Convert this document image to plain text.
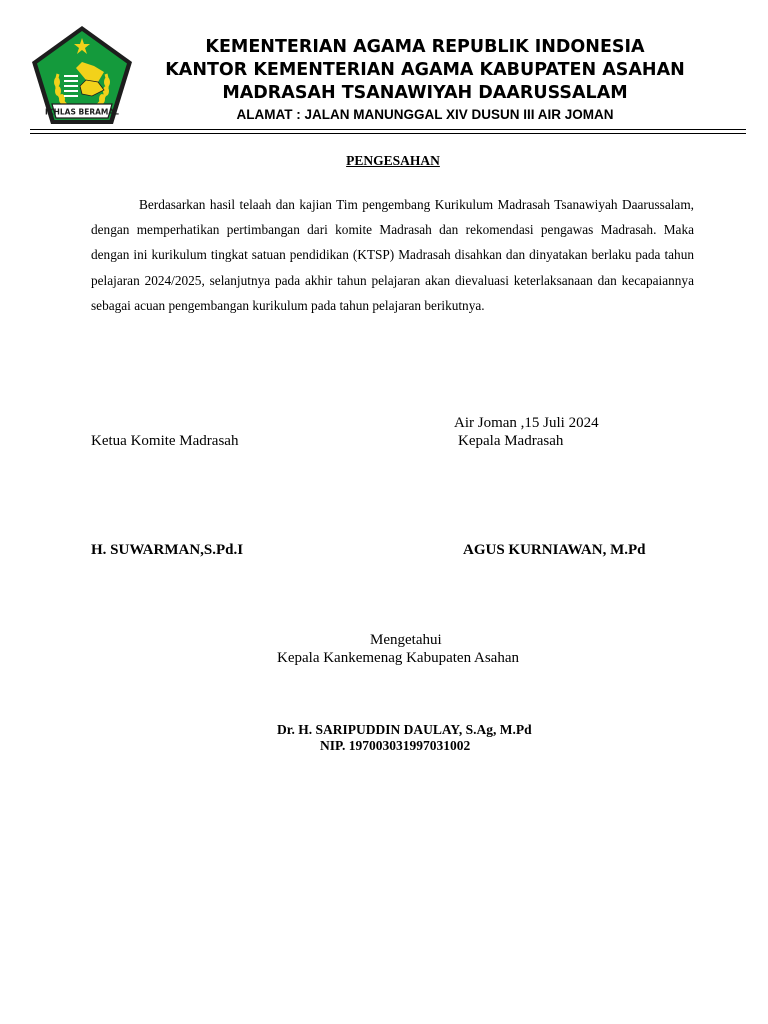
IKHLAS BERAMAL
KEMENTERIAN AGAMA REPUBLIK INDONESIA
KANTOR KEMENTERIAN AGAMA KABUPATEN ASAHAN
MADRASAH TSANAWIYAH DAARUSSALAM
ALAMAT : JALAN MANUNGGAL XIV DUSUN III AIR JOMAN
PENGESAHAN

Berdasarkan hasil telaah dan kajian Tim pengembang Kurikulum Madrasah Tsanawiyah Daarussalam, dengan memperhatikan pertimbangan dari komite Madrasah dan rekomendasi pengawas Madrasah. Maka dengan ini kurikulum tingkat satuan pendidikan (KTSP) Madrasah disahkan dan dinyatakan berlaku pada tahun pelajaran 2024/2025, selanjutnya pada akhir tahun pelajaran akan dievaluasi keterlaksanaan dan kecapaiannya sebagai acuan pengembangan kurikulum pada tahun pelajaran berikutnya.

Air Joman ,15 Juli 2024
Ketua Komite Madrasah	Kepala Madrasah
H. SUWARMAN,S.Pd.I	AGUS KURNIAWAN, M.Pd
Mengetahui
Kepala Kankemenag Kabupaten Asahan
Dr. H. SARIPUDDIN DAULAY, S.Ag, M.Pd
NIP. 197003031997031002
